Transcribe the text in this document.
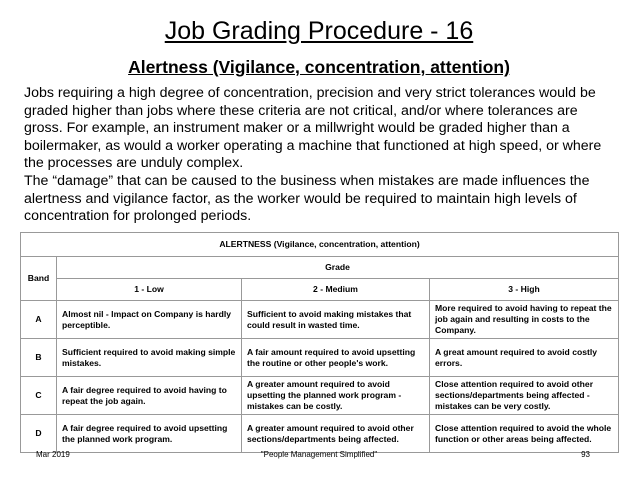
Job Grading Procedure - 16
Alertness (Vigilance, concentration, attention)

Jobs requiring a high degree of concentration, precision and very strict tolerances would be graded higher than jobs where these criteria are not critical, and/or where tolerances are gross. For example, an instrument maker or a millwright would be graded higher than a boilermaker, as would a worker operating a machine that functioned at high speed, or where the processes are unduly complex.

The “damage” that can be caused to the business when mistakes are made influences the alertness and vigilance factor, as the worker would be required to maintain high levels of concentration for prolonged periods.

ALERTNESS (Vigilance, concentration, attention)			
Band	Grade		
	1 - Low	2 - Medium	3 - High
A	Almost nil - Impact on Company is hardly perceptible.	Sufficient to avoid making mistakes that could result in wasted time.	More required to avoid having to repeat the job again and resulting in costs to the Company.
B	Sufficient required to avoid making simple mistakes.	A fair amount required to avoid upsetting the routine or other people's work.	A great amount required to avoid costly errors.
C	A fair degree required to avoid having to repeat the job again.	A greater amount required to avoid upsetting the planned work program - mistakes can be costly.	Close attention required to avoid other sections/departments being affected - mistakes can be very costly.
D	A fair degree required to avoid upsetting the planned work program.	A greater amount required to avoid other sections/departments being affected.	Close attention required to avoid the whole function or other areas being affected.
Mar 2019	"People Management Simplified"	93
